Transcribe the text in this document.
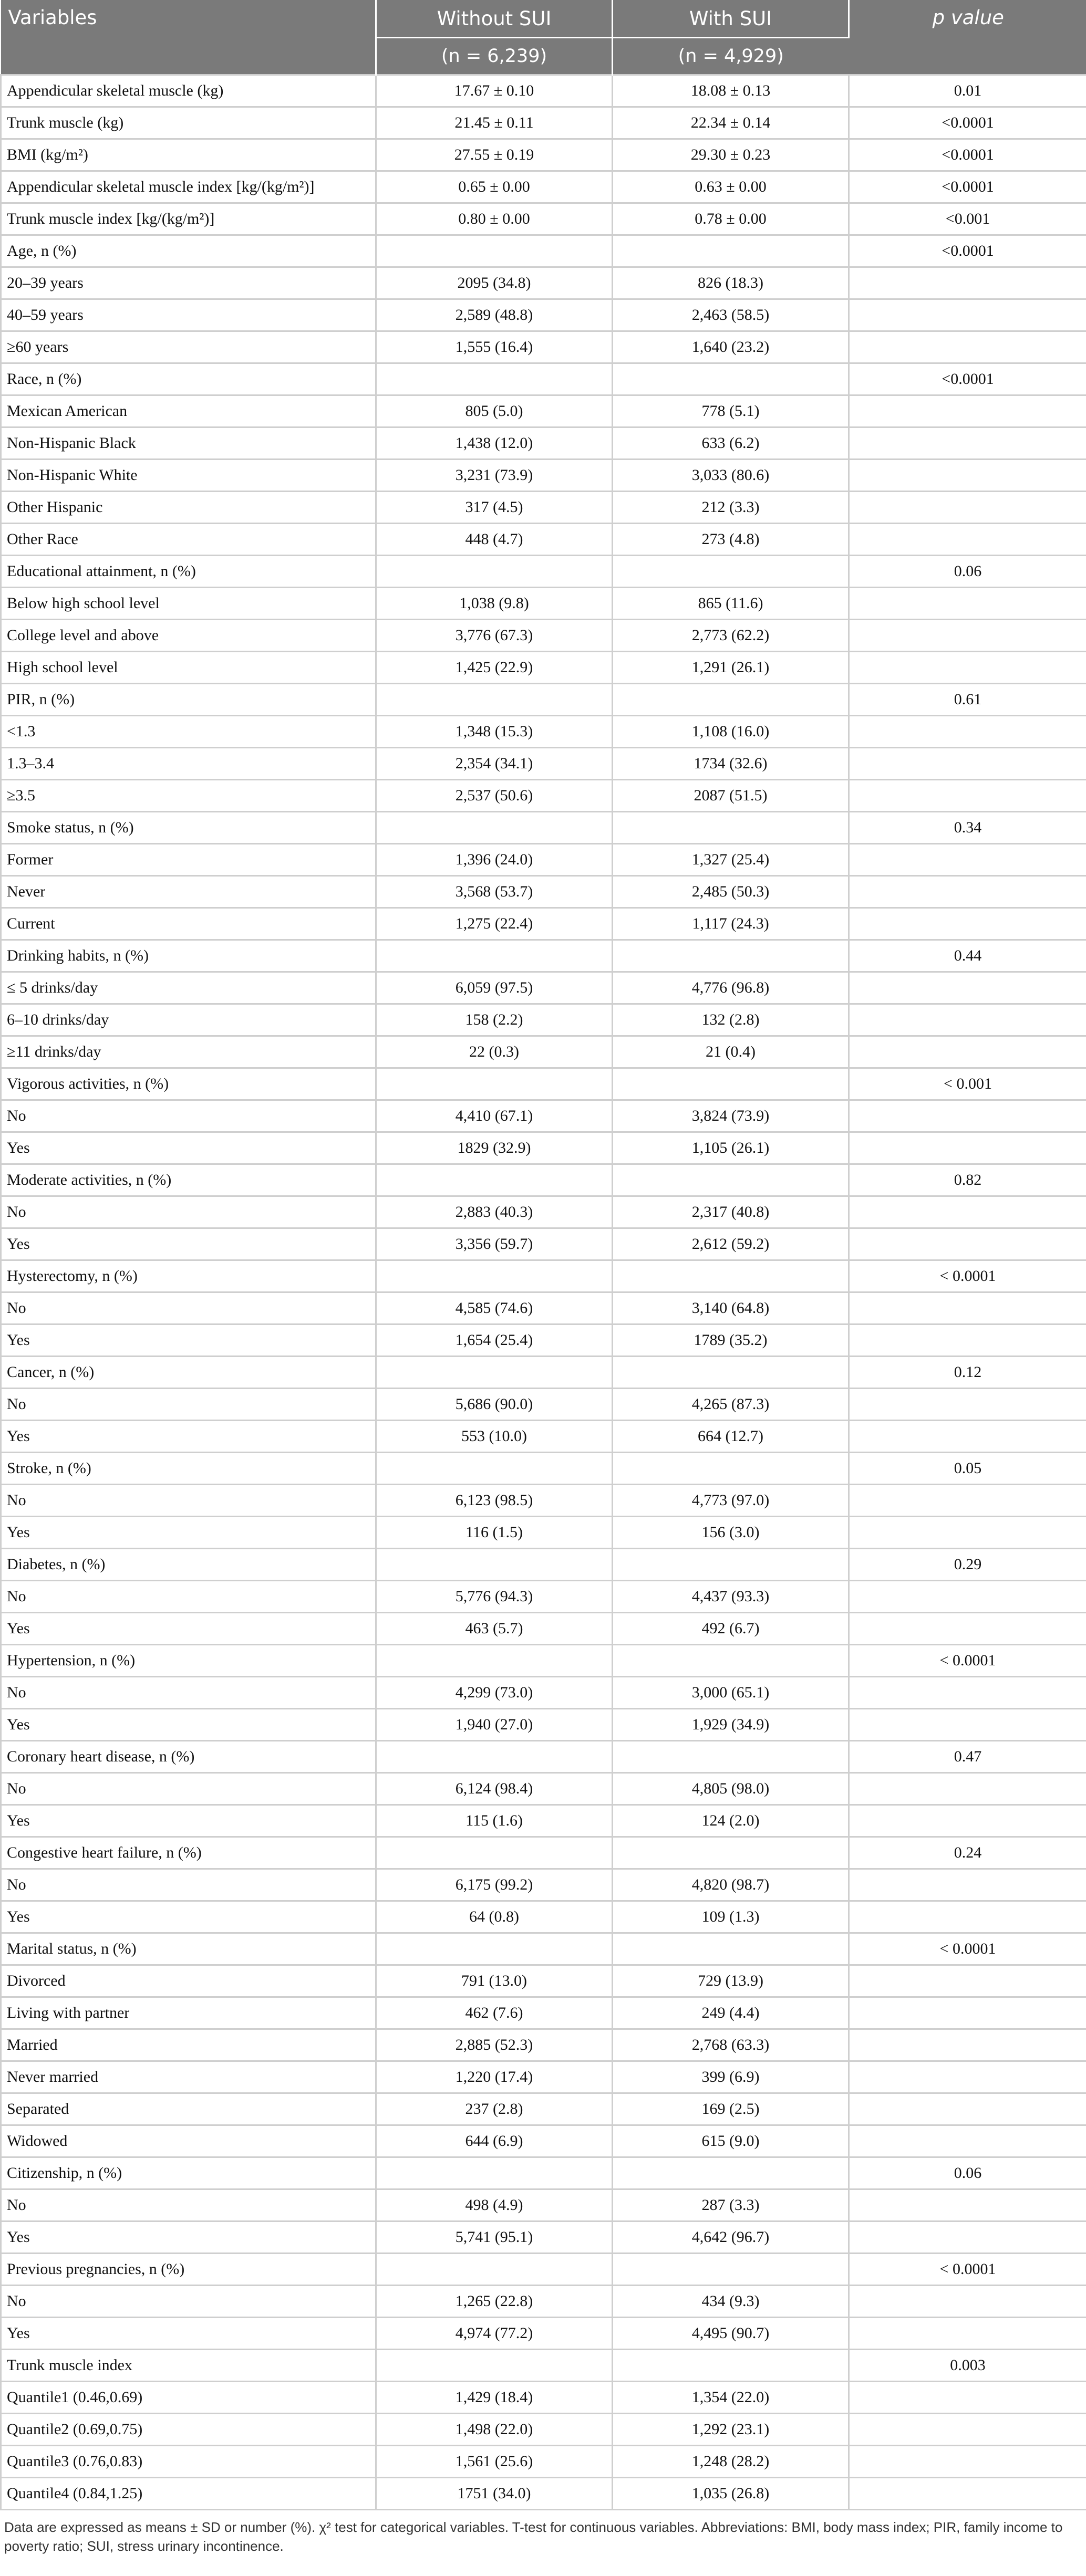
Variables	Without SUI	With SUI	p value
	(n = 6,239)	(n = 4,929)	
Appendicular skeletal muscle (kg)	17.67 ± 0.10	18.08 ± 0.13	0.01
Trunk muscle (kg)	21.45 ± 0.11	22.34 ± 0.14	<0.0001
BMI (kg/m²)	27.55 ± 0.19	29.30 ± 0.23	<0.0001
Appendicular skeletal muscle index [kg/(kg/m²)]	0.65 ± 0.00	0.63 ± 0.00	<0.0001
Trunk muscle index [kg/(kg/m²)]	0.80 ± 0.00	0.78 ± 0.00	<0.001
Age, n (%)			<0.0001
20–39 years	2095 (34.8)	826 (18.3)	
40–59 years	2,589 (48.8)	2,463 (58.5)	
≥60 years	1,555 (16.4)	1,640 (23.2)	
Race, n (%)			<0.0001
Mexican American	805 (5.0)	778 (5.1)	
Non-Hispanic Black	1,438 (12.0)	633 (6.2)	
Non-Hispanic White	3,231 (73.9)	3,033 (80.6)	
Other Hispanic	317 (4.5)	212 (3.3)	
Other Race	448 (4.7)	273 (4.8)	
Educational attainment, n (%)			0.06
Below high school level	1,038 (9.8)	865 (11.6)	
College level and above	3,776 (67.3)	2,773 (62.2)	
High school level	1,425 (22.9)	1,291 (26.1)	
PIR, n (%)			0.61
<1.3	1,348 (15.3)	1,108 (16.0)	
1.3–3.4	2,354 (34.1)	1734 (32.6)	
≥3.5	2,537 (50.6)	2087 (51.5)	
Smoke status, n (%)			0.34
Former	1,396 (24.0)	1,327 (25.4)	
Never	3,568 (53.7)	2,485 (50.3)	
Current	1,275 (22.4)	1,117 (24.3)	
Drinking habits, n (%)			0.44
≤ 5 drinks/day	6,059 (97.5)	4,776 (96.8)	
6–10 drinks/day	158 (2.2)	132 (2.8)	
≥11 drinks/day	22 (0.3)	21 (0.4)	
Vigorous activities, n (%)			< 0.001
No	4,410 (67.1)	3,824 (73.9)	
Yes	1829 (32.9)	1,105 (26.1)	
Moderate activities, n (%)			0.82
No	2,883 (40.3)	2,317 (40.8)	
Yes	3,356 (59.7)	2,612 (59.2)	
Hysterectomy, n (%)			< 0.0001
No	4,585 (74.6)	3,140 (64.8)	
Yes	1,654 (25.4)	1789 (35.2)	
Cancer, n (%)			0.12
No	5,686 (90.0)	4,265 (87.3)	
Yes	553 (10.0)	664 (12.7)	
Stroke, n (%)			0.05
No	6,123 (98.5)	4,773 (97.0)	
Yes	116 (1.5)	156 (3.0)	
Diabetes, n (%)			0.29
No	5,776 (94.3)	4,437 (93.3)	
Yes	463 (5.7)	492 (6.7)	
Hypertension, n (%)			< 0.0001
No	4,299 (73.0)	3,000 (65.1)	
Yes	1,940 (27.0)	1,929 (34.9)	
Coronary heart disease, n (%)			0.47
No	6,124 (98.4)	4,805 (98.0)	
Yes	115 (1.6)	124 (2.0)	
Congestive heart failure, n (%)			0.24
No	6,175 (99.2)	4,820 (98.7)	
Yes	64 (0.8)	109 (1.3)	
Marital status, n (%)			< 0.0001
Divorced	791 (13.0)	729 (13.9)	
Living with partner	462 (7.6)	249 (4.4)	
Married	2,885 (52.3)	2,768 (63.3)	
Never married	1,220 (17.4)	399 (6.9)	
Separated	237 (2.8)	169 (2.5)	
Widowed	644 (6.9)	615 (9.0)	
Citizenship, n (%)			0.06
No	498 (4.9)	287 (3.3)	
Yes	5,741 (95.1)	4,642 (96.7)	
Previous pregnancies, n (%)			< 0.0001
No	1,265 (22.8)	434 (9.3)	
Yes	4,974 (77.2)	4,495 (90.7)	
Trunk muscle index			0.003
Quantile1 (0.46,0.69)	1,429 (18.4)	1,354 (22.0)	
Quantile2 (0.69,0.75)	1,498 (22.0)	1,292 (23.1)	
Quantile3 (0.76,0.83)	1,561 (25.6)	1,248 (28.2)	
Quantile4 (0.84,1.25)	1751 (34.0)	1,035 (26.8)	
Data are expressed as means ± SD or number (%). χ² test for categorical variables. T-test for continuous variables. Abbreviations: BMI, body mass index; PIR, family income to poverty ratio; SUI, stress urinary incontinence.
